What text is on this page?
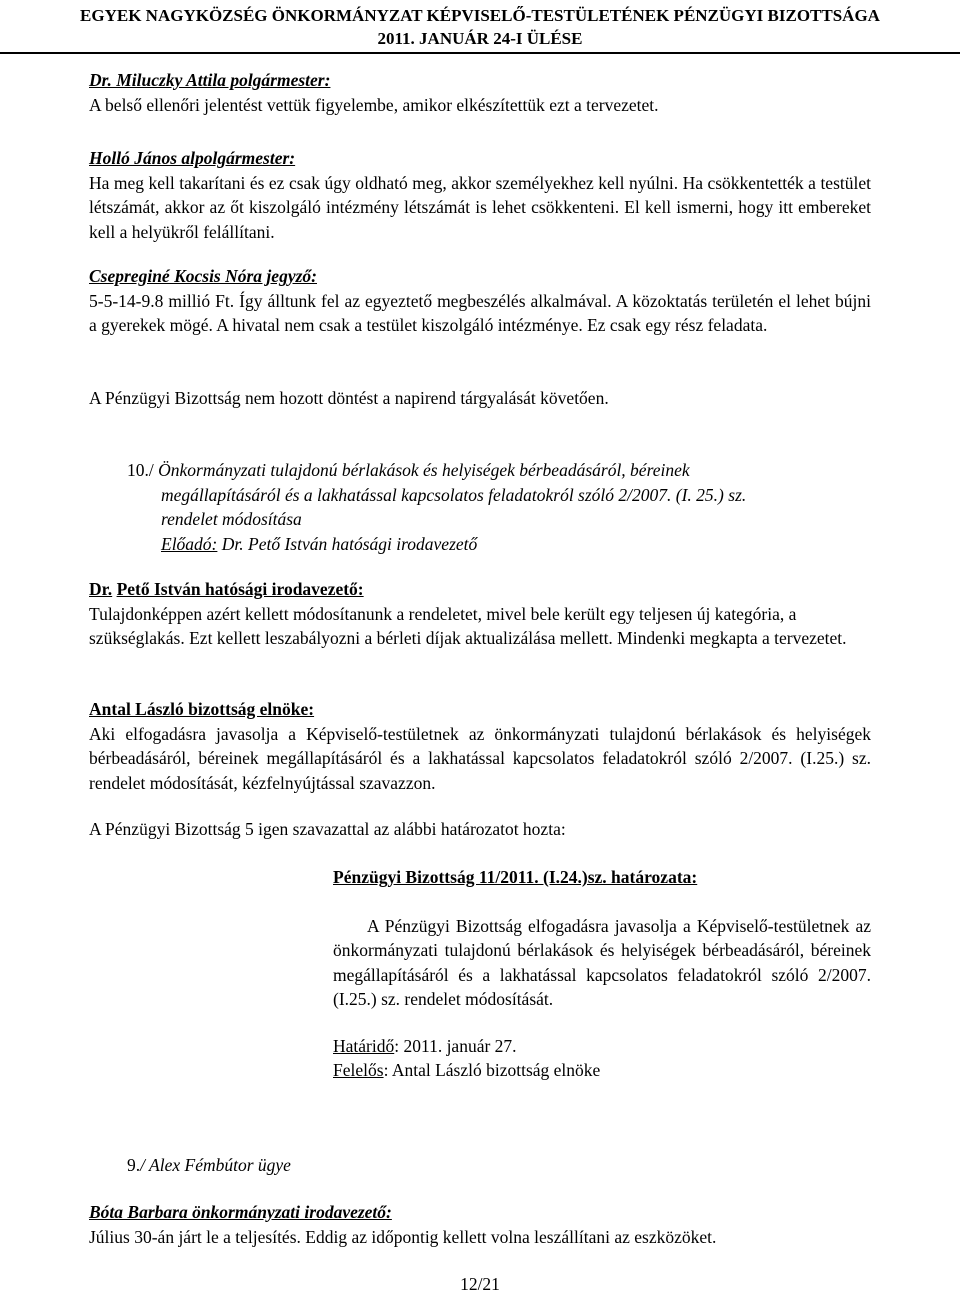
EGYEK NAGYKÖZSÉG ÖNKORMÁNYZAT KÉPVISELŐ-TESTÜLETÉNEK PÉNZÜGYI BIZOTTSÁGA
2011. JANUÁR 24-I ÜLÉSE

Dr. Miluczky Attila polgármester:

A belső ellenőri jelentést vettük figyelembe, amikor elkészítettük ezt a tervezetet.

Holló János alpolgármester:

Ha meg kell takarítani és ez csak úgy oldható meg, akkor személyekhez kell nyúlni. Ha csökkentették a testület létszámát, akkor az őt kiszolgáló intézmény létszámát is lehet csökkenteni. El kell ismerni, hogy itt embereket kell a helyükről felállítani.

Csepreginé Kocsis Nóra jegyző:

5-5-14-9.8 millió Ft. Így álltunk fel az egyeztető megbeszélés alkalmával. A közoktatás területén el lehet bújni a gyerekek mögé. A hivatal nem csak a testület kiszolgáló intézménye. Ez csak egy rész feladata.

A Pénzügyi Bizottság nem hozott döntést a napirend tárgyalását követően.

10./ Önkormányzati tulajdonú bérlakások és helyiségek bérbeadásáról, béreinek

megállapításáról és a lakhatással kapcsolatos feladatokról szóló 2/2007. (I. 25.) sz.

rendelet módosítása

Előadó: Dr. Pető István hatósági irodavezető

Dr. Pető István hatósági irodavezető:

Tulajdonképpen azért kellett módosítanunk a rendeletet, mivel bele került egy teljesen új kategória, a szükséglakás. Ezt kellett leszabályozni a bérleti díjak aktualizálása mellett. Mindenki megkapta a tervezetet.

Antal László bizottság elnöke:

Aki elfogadásra javasolja a Képviselő-testületnek az önkormányzati tulajdonú bérlakások és helyiségek bérbeadásáról, béreinek megállapításáról és a lakhatással kapcsolatos feladatokról szóló 2/2007. (I.25.) sz. rendelet módosítását, kézfelnyújtással szavazzon.

A Pénzügyi Bizottság 5 igen szavazattal az alábbi határozatot hozta:

Pénzügyi Bizottság 11/2011. (I.24.)sz. határozata:

A Pénzügyi Bizottság elfogadásra javasolja a Képviselő-testületnek az önkormányzati tulajdonú bérlakások és helyiségek bérbeadásáról, béreinek megállapításáról és a lakhatással kapcsolatos feladatokról szóló 2/2007. (I.25.) sz. rendelet módosítását.

Határidő: 2011. január 27.

Felelős: Antal László bizottság elnöke

9./ Alex Fémbútor ügye

Bóta Barbara önkormányzati irodavezető:

Július 30-án járt le a teljesítés. Eddig az időpontig kellett volna leszállítani az eszközöket.

12/21
